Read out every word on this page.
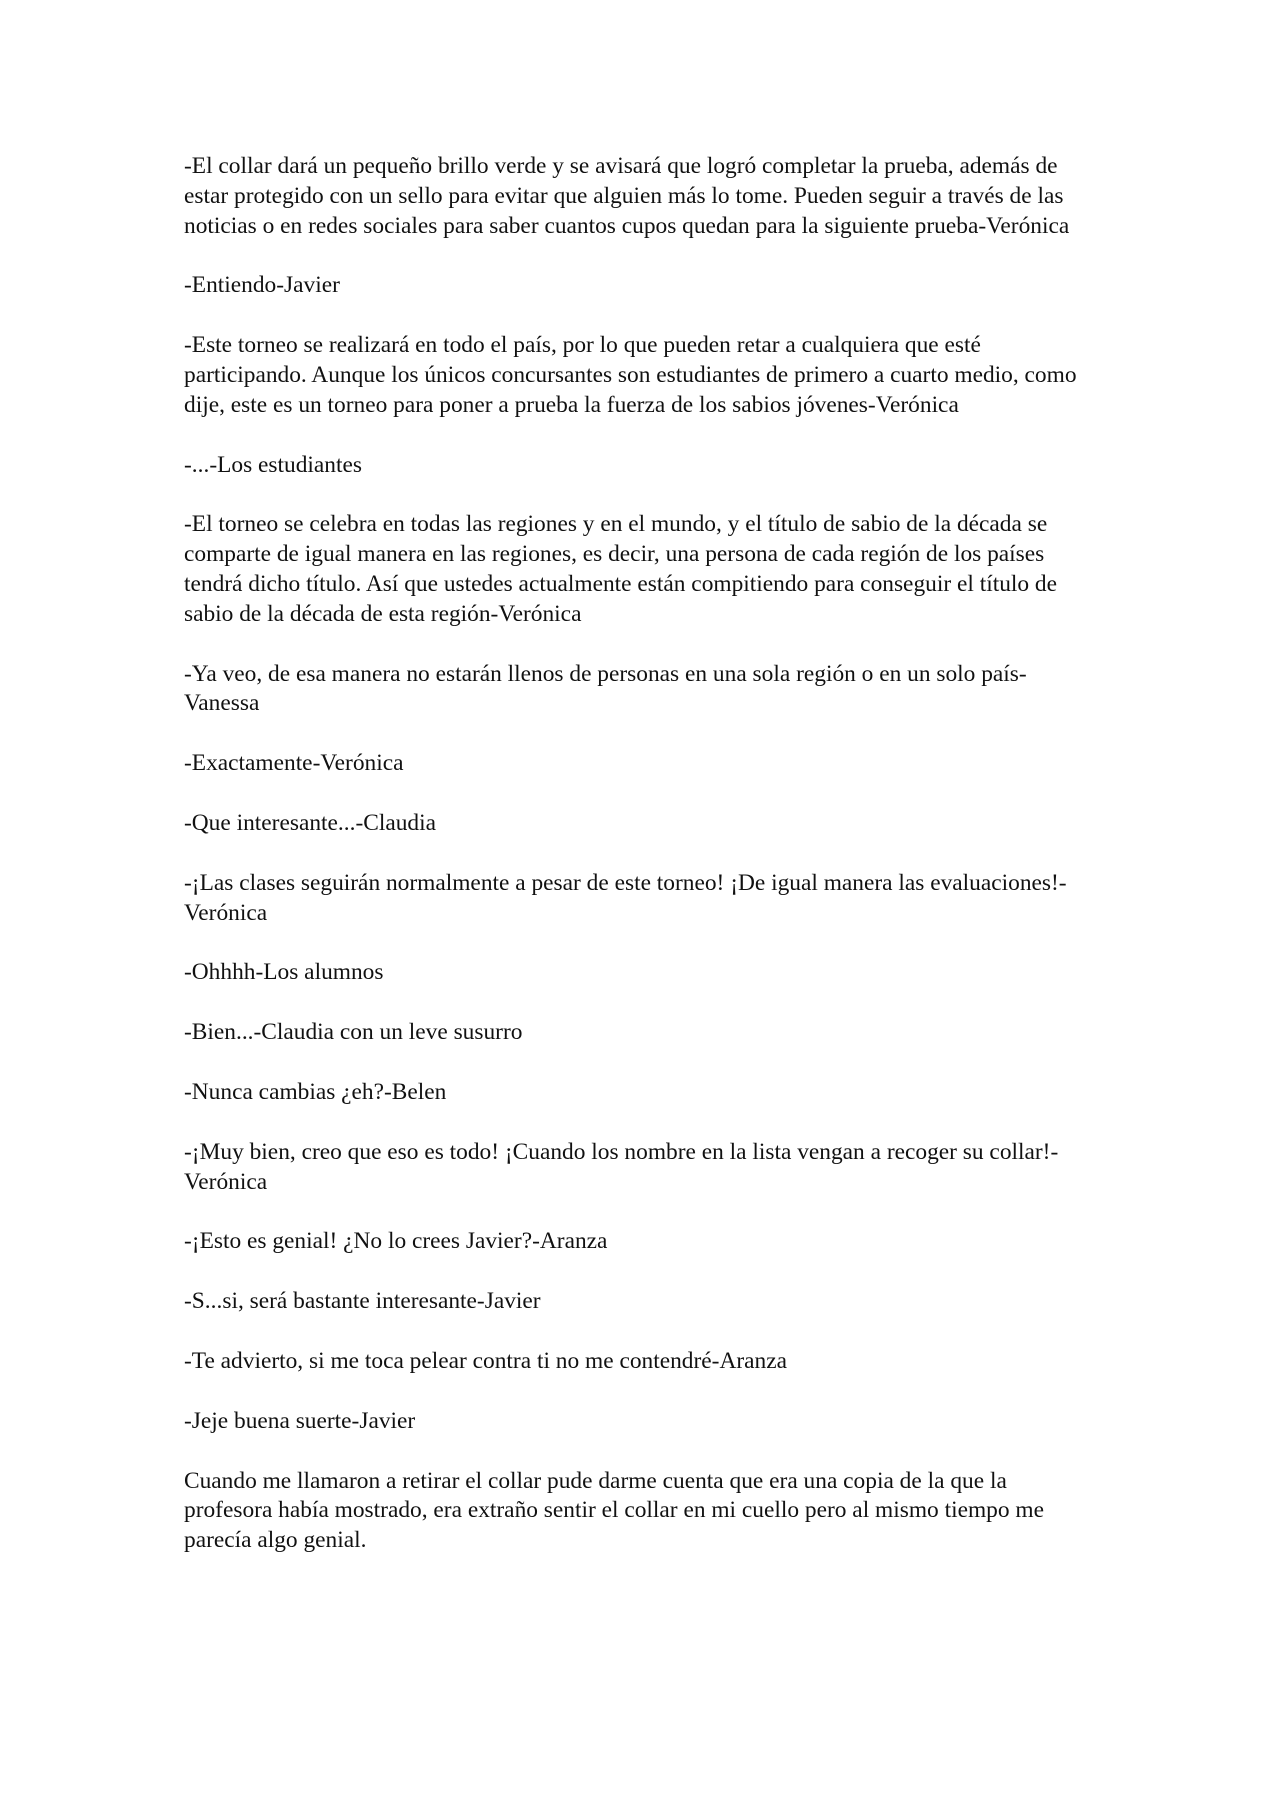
-El collar dará un pequeño brillo verde y se avisará que logró completar la prueba, además de estar protegido con un sello para evitar que alguien más lo tome. Pueden seguir a través de las noticias o en redes sociales para saber cuantos cupos quedan para la siguiente prueba-Verónica

-Entiendo-Javier

-Este torneo se realizará en todo el país, por lo que pueden retar a cualquiera que esté participando. Aunque los únicos concursantes son estudiantes de primero a cuarto medio, como dije, este es un torneo para poner a prueba la fuerza de los sabios jóvenes-Verónica

-...-Los estudiantes

-El torneo se celebra en todas las regiones y en el mundo, y el título de sabio de la década se comparte de igual manera en las regiones, es decir, una persona de cada región de los países tendrá dicho título. Así que ustedes actualmente están compitiendo para conseguir el título de sabio de la década de esta región-Verónica

-Ya veo, de esa manera no estarán llenos de personas en una sola región o en un solo país-Vanessa

-Exactamente-Verónica

-Que interesante...-Claudia

-¡Las clases seguirán normalmente a pesar de este torneo! ¡De igual manera las evaluaciones!-Verónica

-Ohhhh-Los alumnos

-Bien...-Claudia con un leve susurro

-Nunca cambias ¿eh?-Belen

-¡Muy bien, creo que eso es todo! ¡Cuando los nombre en la lista vengan a recoger su collar!-Verónica

-¡Esto es genial! ¿No lo crees Javier?-Aranza

-S...si, será bastante interesante-Javier

-Te advierto, si me toca pelear contra ti no me contendré-Aranza

-Jeje buena suerte-Javier

Cuando me llamaron a retirar el collar pude darme cuenta que era una copia de la que la profesora había mostrado, era extraño sentir el collar en mi cuello pero al mismo tiempo me parecía algo genial.
